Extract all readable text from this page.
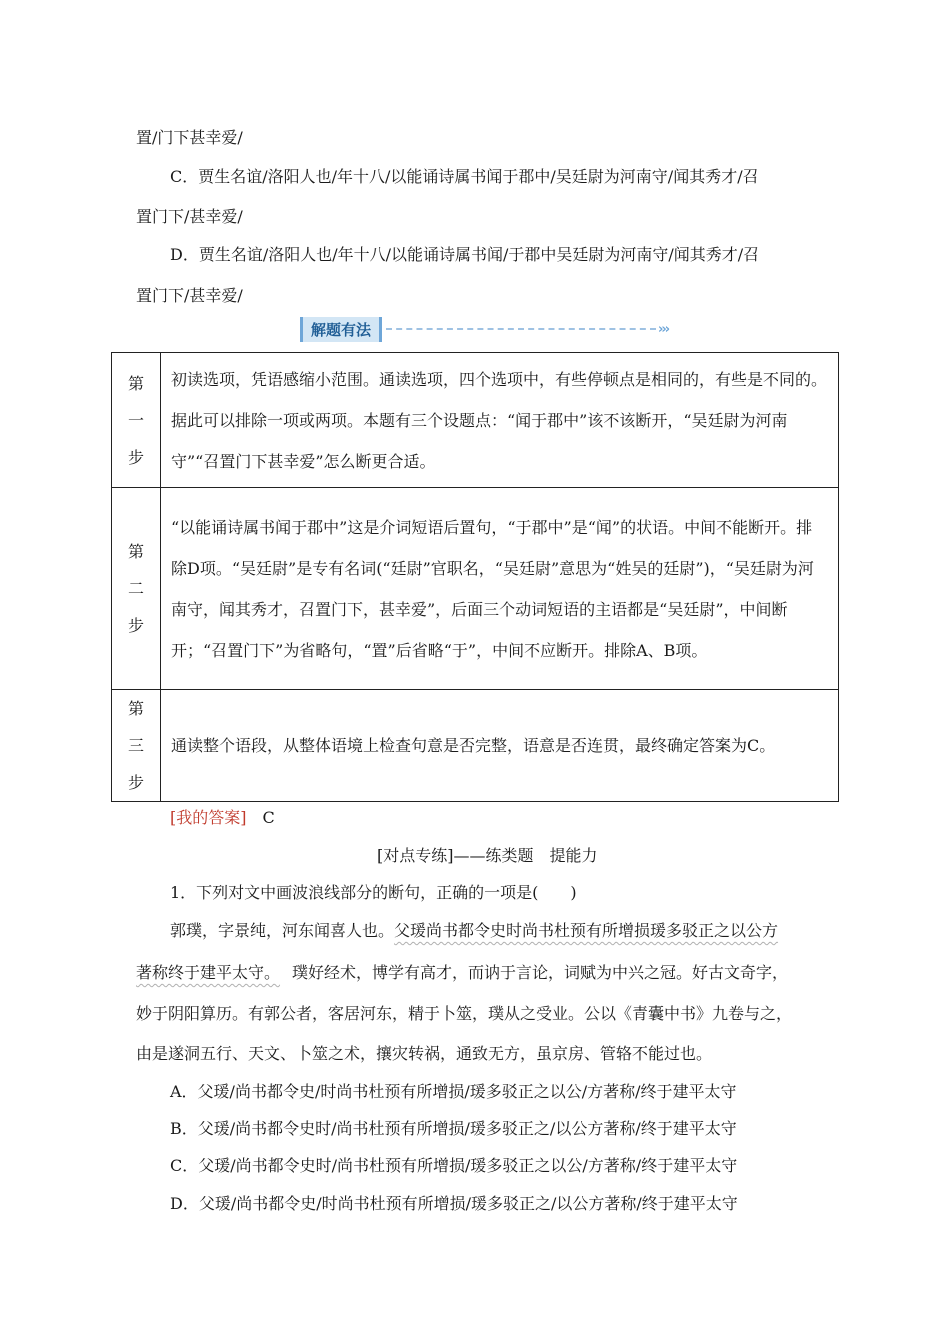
置/门下甚幸爱/
C．贾生名谊/洛阳人也/年十八/以能诵诗属书闻于郡中/吴廷尉为河南守/闻其秀才/召
置门下/甚幸爱/
D．贾生名谊/洛阳人也/年十八/以能诵诗属书闻/于郡中吴廷尉为河南守/闻其秀才/召
置门下/甚幸爱/
解题有法	›››
第
一
步	初读选项，凭语感缩小范围。通读选项，四个选项中，有些停顿点是相同的，有些是不同的。据此可以排除一项或两项。本题有三个设题点：“闻于郡中”该不该断开，“吴廷尉为河南守”“召置门下甚幸爱”怎么断更合适。

第
二
步	“以能诵诗属书闻于郡中”这是介词短语后置句，“于郡中”是“闻”的状语。中间不能断开。排除D项。“吴廷尉”是专有名词(“廷尉”官职名，“吴廷尉”意思为“姓吴的廷尉”)，“吴廷尉为河南守，闻其秀才，召置门下，甚幸爱”，后面三个动词短语的主语都是“吴廷尉”，中间断开；“召置门下”为省略句，“置”后省略“于”，中间不应断开。排除A、B项。

第
三
步	通读整个语段，从整体语境上检查句意是否完整，语意是否连贯，最终确定答案为C。
[我的答案] C
[对点专练]——练类题　提能力
1．下列对文中画波浪线部分的断句，正确的一项是(　　)
郭璞，字景纯，河东闻喜人也。父瑗尚书都令史时尚书杜预有所增损瑗多驳正之以公方
著称终于建平太守。 璞好经术，博学有高才，而讷于言论，词赋为中兴之冠。好古文奇字，
妙于阴阳算历。有郭公者，客居河东，精于卜筮，璞从之受业。公以《青囊中书》九卷与之，
由是遂洞五行、天文、卜筮之术，攘灾转祸，通致无方，虽京房、管辂不能过也。
A．父瑗/尚书都令史/时尚书杜预有所增损/瑗多驳正之以公/方著称/终于建平太守
B．父瑗/尚书都令史时/尚书杜预有所增损/瑗多驳正之/以公方著称/终于建平太守
C．父瑗/尚书都令史时/尚书杜预有所增损/瑗多驳正之以公/方著称/终于建平太守
D．父瑗/尚书都令史/时尚书杜预有所增损/瑗多驳正之/以公方著称/终于建平太守
